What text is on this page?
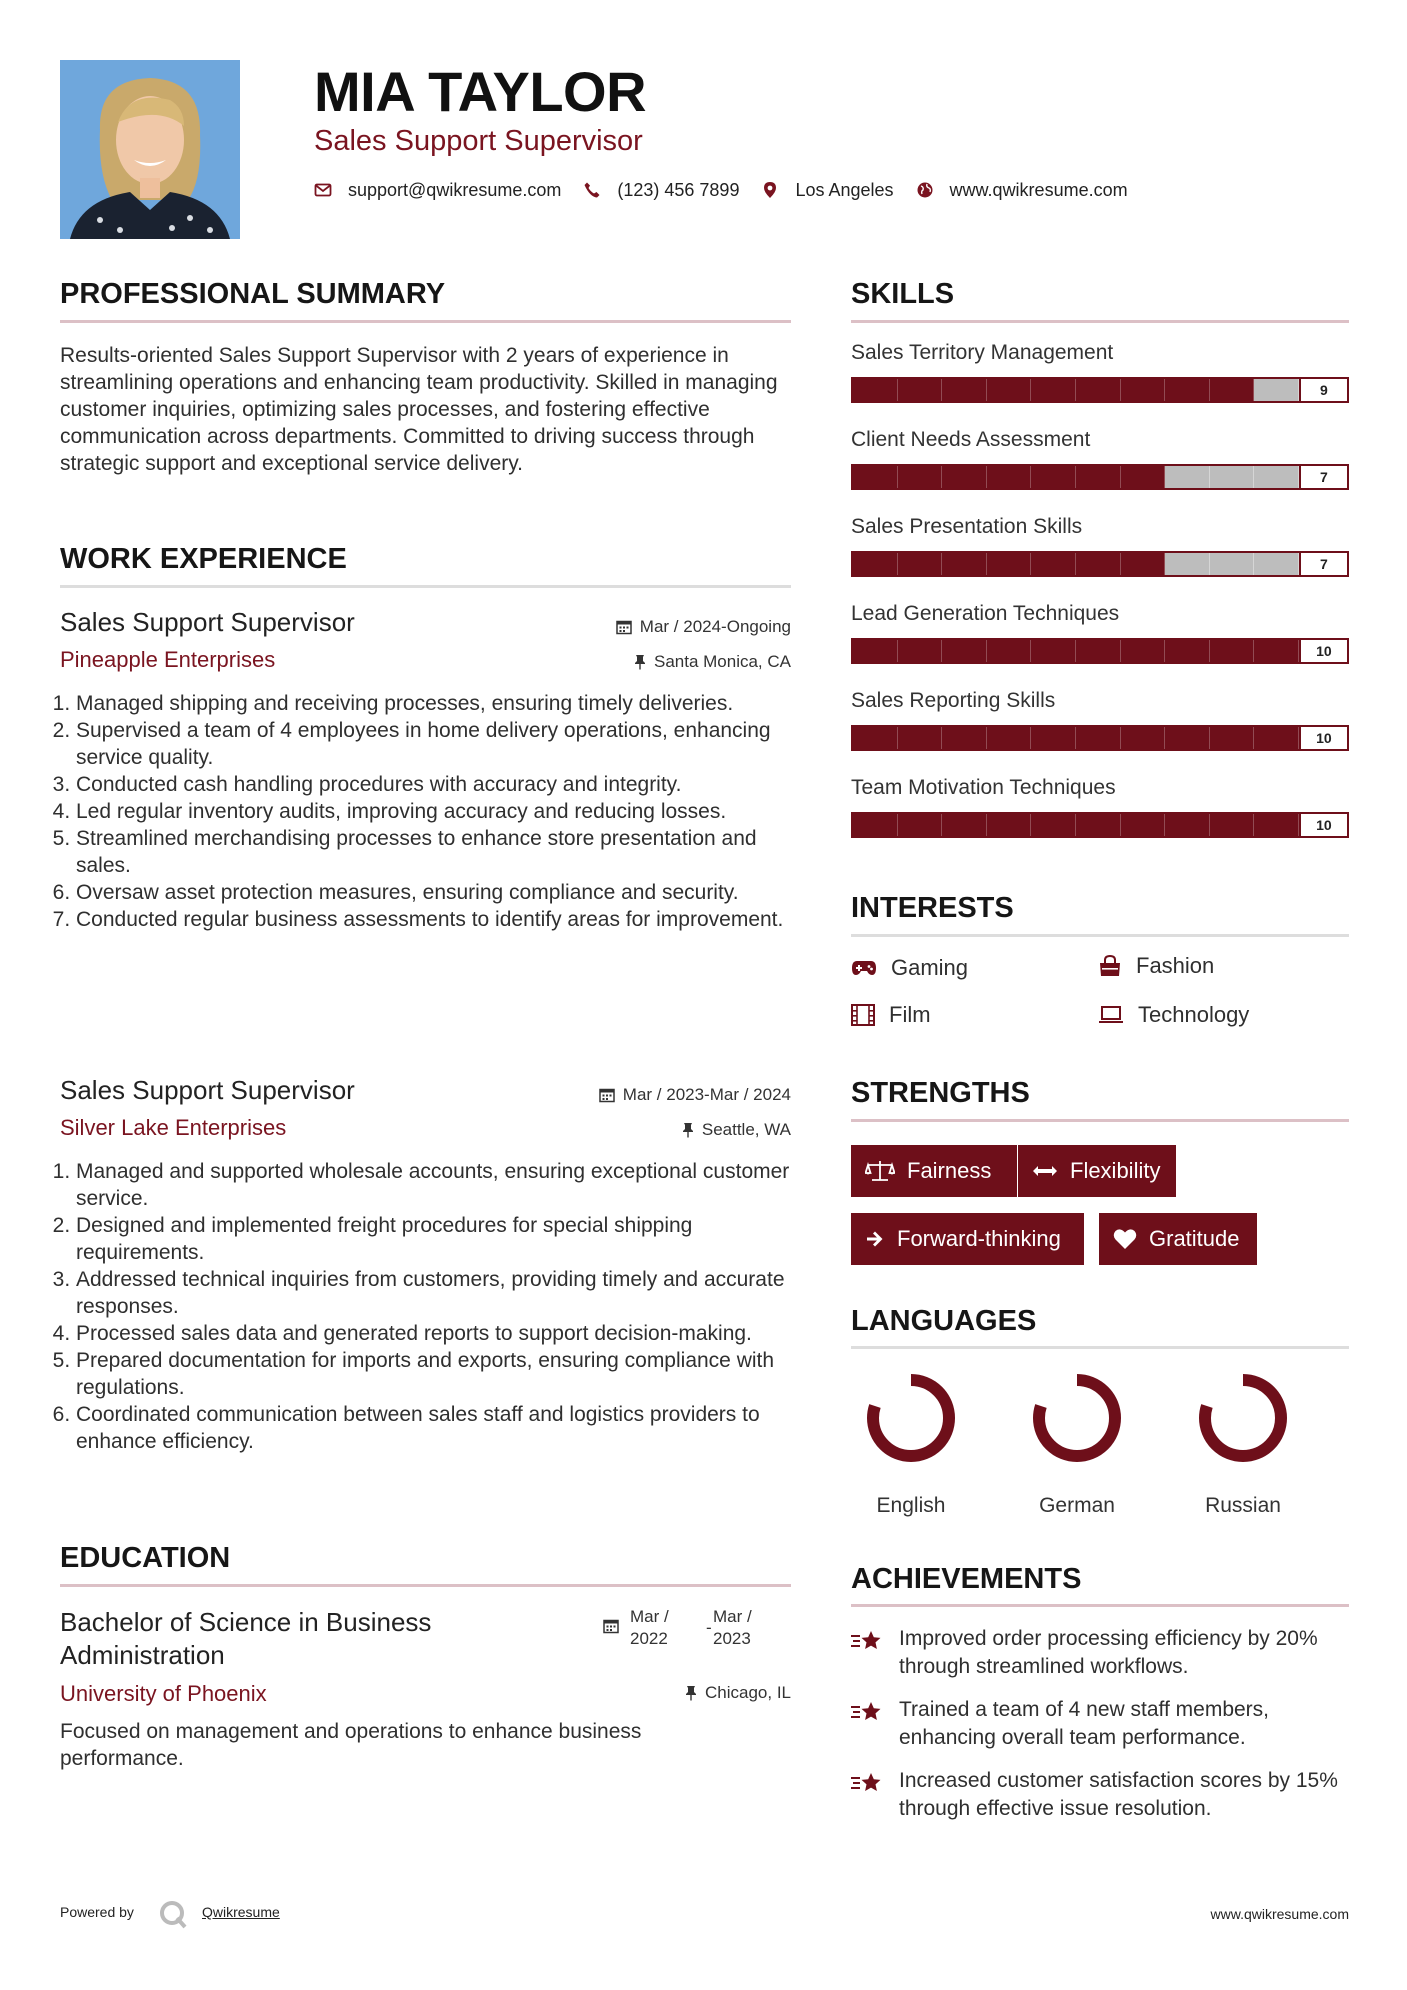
MIA TAYLOR
Sales Support Supervisor
support@qwikresume.com	(123) 456 7899	Los Angeles	www.qwikresume.com
PROFESSIONAL SUMMARY
Results-oriented Sales Support Supervisor with 2 years of experience in streamlining operations and enhancing team productivity. Skilled in managing customer inquiries, optimizing sales processes, and fostering effective communication across departments. Committed to driving success through strategic support and exceptional service delivery.
WORK EXPERIENCE
Sales Support Supervisor	Mar / 2024-Ongoing
Pineapple Enterprises	Santa Monica, CA
1. Managed shipping and receiving processes, ensuring timely deliveries.
2. Supervised a team of 4 employees in home delivery operations, enhancing service quality.
3. Conducted cash handling procedures with accuracy and integrity.
4. Led regular inventory audits, improving accuracy and reducing losses.
5. Streamlined merchandising processes to enhance store presentation and sales.
6. Oversaw asset protection measures, ensuring compliance and security.
7. Conducted regular business assessments to identify areas for improvement.
Sales Support Supervisor	Mar / 2023-Mar / 2024
Silver Lake Enterprises	Seattle, WA
1. Managed and supported wholesale accounts, ensuring exceptional customer service.
2. Designed and implemented freight procedures for special shipping requirements.
3. Addressed technical inquiries from customers, providing timely and accurate responses.
4. Processed sales data and generated reports to support decision-making.
5. Prepared documentation for imports and exports, ensuring compliance with regulations.
6. Coordinated communication between sales staff and logistics providers to enhance efficiency.
EDUCATION
Bachelor of Science in Business Administration
Mar / 2022
-
Mar / 2023
University of Phoenix	Chicago, IL
Focused on management and operations to enhance business performance.
SKILLS
Sales Territory Management
9
Client Needs Assessment
7
Sales Presentation Skills
7
Lead Generation Techniques
10
Sales Reporting Skills
10
Team Motivation Techniques
10
INTERESTS
Gaming	Fashion
Film	Technology
STRENGTHS
Fairness	Flexibility
Forward-thinking	Gratitude
LANGUAGES
English	German	Russian
ACHIEVEMENTS
Improved order processing efficiency by 20% through streamlined workflows.
Trained a team of 4 new staff members, enhancing overall team performance.
Increased customer satisfaction scores by 15% through effective issue resolution.
Powered by	Qwikresume	www.qwikresume.com
